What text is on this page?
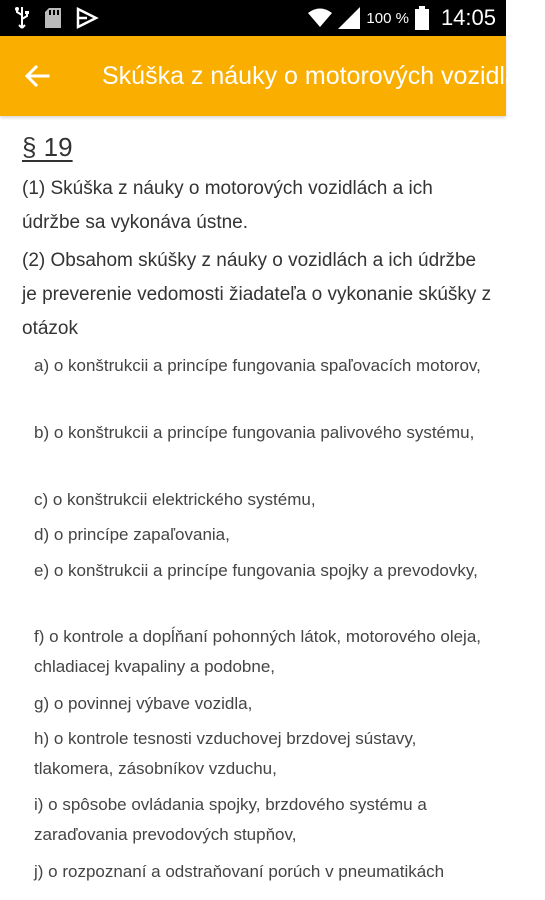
100 % 14:05
Skúška z náuky o motorových vozidlách
§ 19

(1) Skúška z náuky o motorových vozidlách a ich údržbe sa vykonáva ústne.

(2) Obsahom skúšky z náuky o vozidlách a ich údržbe je preverenie vedomosti žiadateľa o vykonanie skúšky z otázok

a) o konštrukcii a princípe fungovania spaľovacích motorov,

b) o konštrukcii a princípe fungovania palivového systému,

c) o konštrukcii elektrického systému,

d) o princípe zapaľovania,

e) o konštrukcii a princípe fungovania spojky a prevodovky,

f) o kontrole a dopĺňaní pohonných látok, motorového oleja, chladiacej kvapaliny a podobne,

g) o povinnej výbave vozidla,

h) o kontrole tesnosti vzduchovej brzdovej sústavy, tlakomera, zásobníkov vzduchu,

i) o spôsobe ovládania spojky, brzdového systému a zaraďovania prevodových stupňov,

j) o rozpoznaní a odstraňovaní porúch v pneumatikách
